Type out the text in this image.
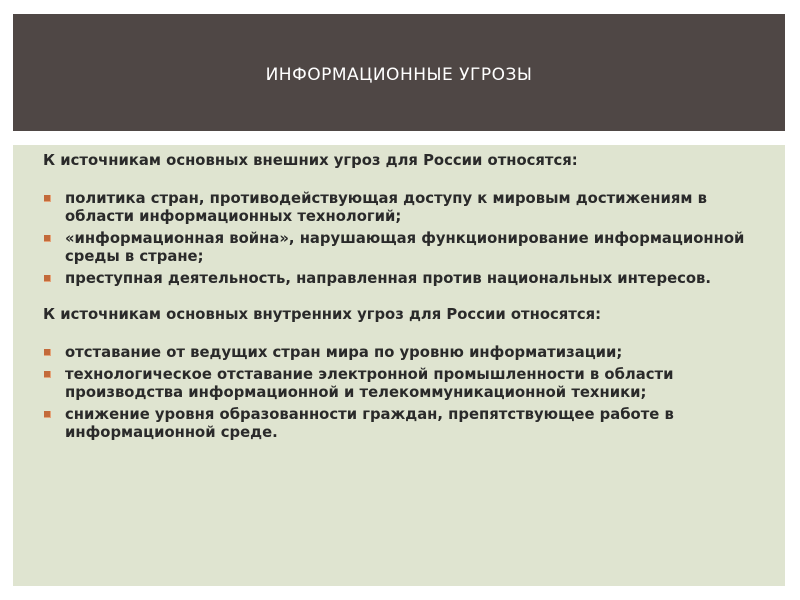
ИНФОРМАЦИОННЫЕ УГРОЗЫ

К источникам основных внешних угроз для России относятся:

политика стран, противодействующая доступу к мировым достижениям в области информационных технологий;
«информационная война», нарушающая функционирование информационной среды в стране;
преступная деятельность, направленная против национальных интересов.

К источникам основных внутренних угроз для России относятся:

отставание от ведущих стран мира по уровню информатизации;
технологическое отставание электронной промышленности в области производства информационной и телекоммуникационной техники;
снижение уровня образованности граждан, препятствующее работе в информационной среде.
